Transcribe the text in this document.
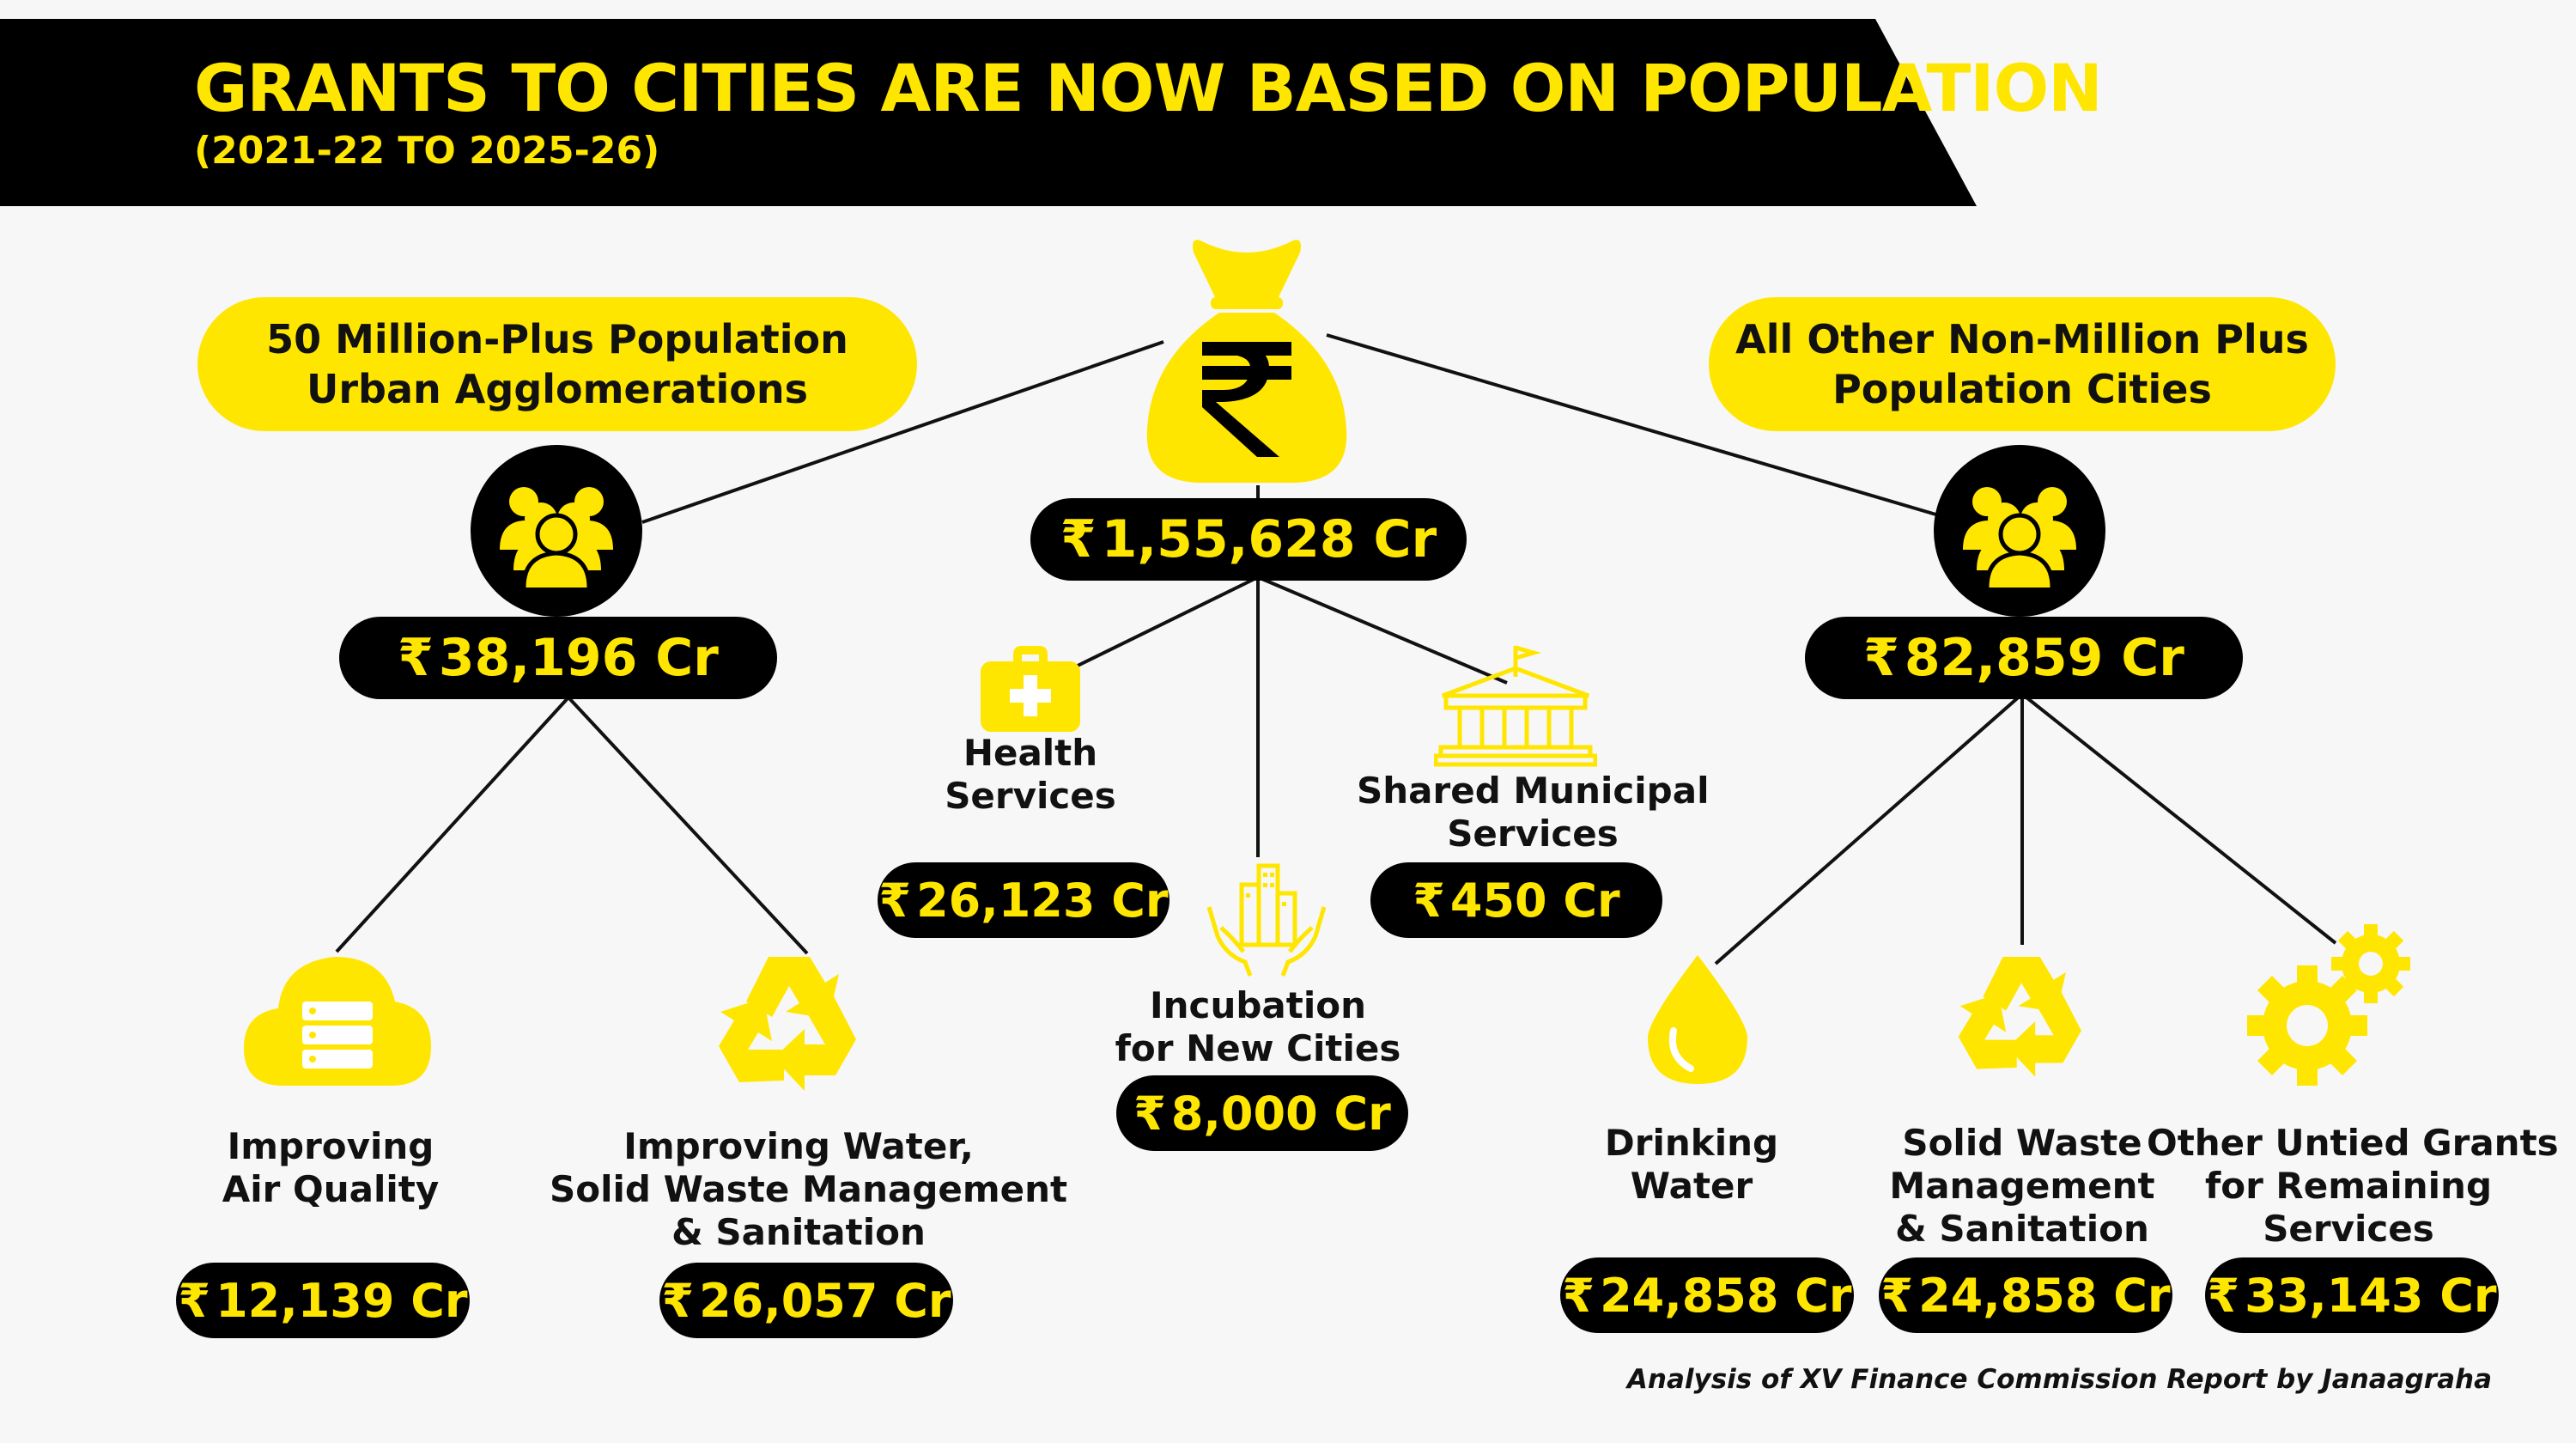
GRANTS TO CITIES ARE NOW BASED ON POPULATION
(2021-22 TO 2025-26)
50 Million-Plus Population
Urban Agglomerations
All Other Non-Million Plus
Population Cities
₹ 1,55,628 Cr
₹ 38,196 Cr	₹ 82,859 Cr
Health
Services
₹ 26,123 Cr
Incubation
for New Cities
₹ 8,000 Cr
Shared Municipal
Services
₹ 450 Cr
Improving
Air Quality
₹ 12,139 Cr
Improving Water,
Solid Waste Management
& Sanitation
₹ 26,057 Cr
Drinking
Water
₹ 24,858 Cr
Solid Waste
Management
& Sanitation
₹ 24,858 Cr
Other Untied Grants
for Remaining
Services
₹ 33,143 Cr
Analysis of XV Finance Commission Report by Janaagraha
